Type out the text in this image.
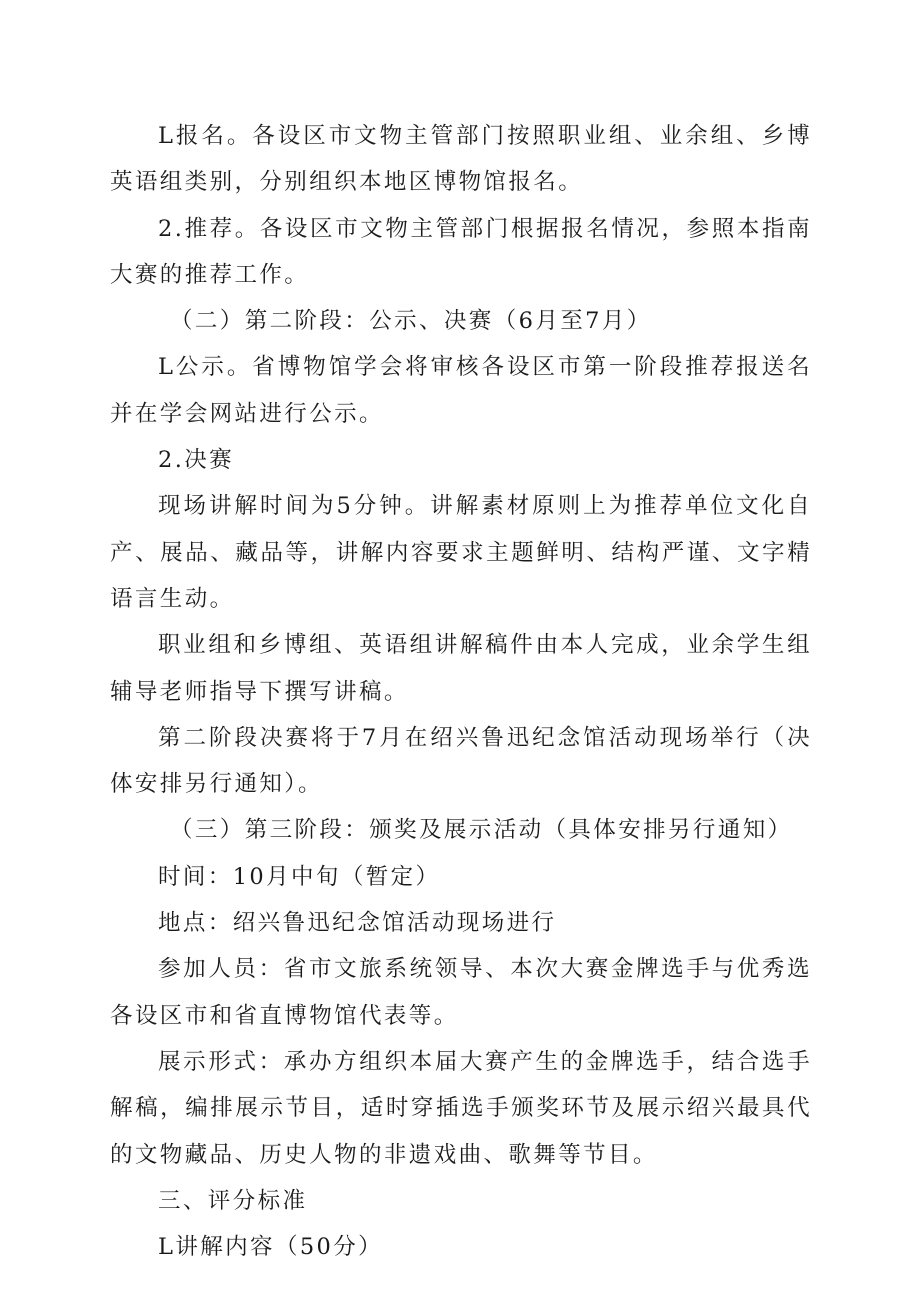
L报名。各设区市文物主管部门按照职业组、业余组、乡博
英语组类别，分别组织本地区博物馆报名。
2.推荐。各设区市文物主管部门根据报名情况，参照本指南
大赛的推荐工作。
（二）第二阶段：公示、决赛（6月至7月）
L公示。省博物馆学会将审核各设区市第一阶段推荐报送名
并在学会网站进行公示。
2.决赛
现场讲解时间为5分钟。讲解素材原则上为推荐单位文化自
产、展品、藏品等，讲解内容要求主题鲜明、结构严谨、文字精
语言生动。
职业组和乡博组、英语组讲解稿件由本人完成，业余学生组
辅导老师指导下撰写讲稿。
第二阶段决赛将于7月在绍兴鲁迅纪念馆活动现场举行（决
体安排另行通知）。
（三）第三阶段：颁奖及展示活动（具体安排另行通知）
时间：10月中旬（暂定）
地点：绍兴鲁迅纪念馆活动现场进行
参加人员：省市文旅系统领导、本次大赛金牌选手与优秀选
各设区市和省直博物馆代表等。
展示形式：承办方组织本届大赛产生的金牌选手，结合选手
解稿，编排展示节目，适时穿插选手颁奖环节及展示绍兴最具代
的文物藏品、历史人物的非遗戏曲、歌舞等节目。
三、评分标准
L讲解内容（50分）
